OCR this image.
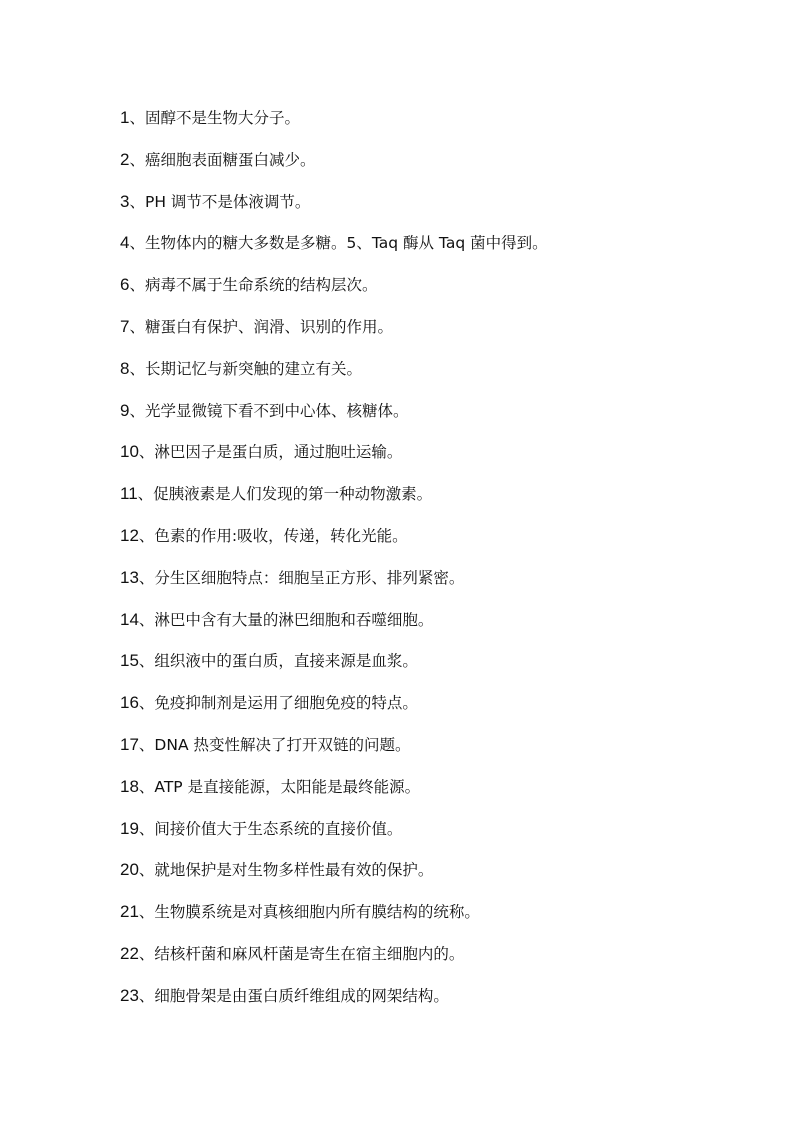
1、固醇不是生物大分子。
2、癌细胞表面糖蛋白减少。
3、PH 调节不是体液调节。
4、生物体内的糖大多数是多糖。5、Taq 酶从 Taq 菌中得到。
6、病毒不属于生命系统的结构层次。
7、糖蛋白有保护、润滑、识别的作用。
8、长期记忆与新突触的建立有关。
9、光学显微镜下看不到中心体、核糖体。
10、淋巴因子是蛋白质，通过胞吐运输。
11、促胰液素是人们发现的第一种动物激素。
12、色素的作用:吸收，传递，转化光能。
13、分生区细胞特点：细胞呈正方形、排列紧密。
14、淋巴中含有大量的淋巴细胞和吞噬细胞。
15、组织液中的蛋白质，直接来源是血浆。
16、免疫抑制剂是运用了细胞免疫的特点。
17、DNA 热变性解决了打开双链的问题。
18、ATP 是直接能源，太阳能是最终能源。
19、间接价值大于生态系统的直接价值。
20、就地保护是对生物多样性最有效的保护。
21、生物膜系统是对真核细胞内所有膜结构的统称。
22、结核杆菌和麻风杆菌是寄生在宿主细胞内的。
23、细胞骨架是由蛋白质纤维组成的网架结构。
